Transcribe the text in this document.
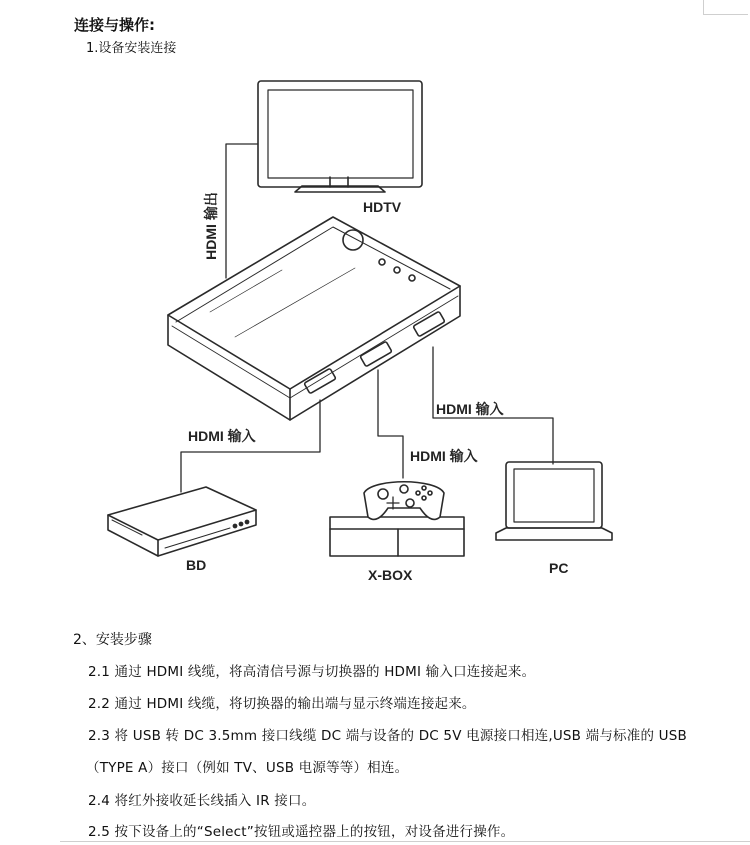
连接与操作:
1.设备安装连接
HDMI 输出	HDTV
HDMI 输入
HDMI 输入
HDMI 输入
BD
X-BOX	PC
2、安装步骤
2.1 通过 HDMI 线缆，将高清信号源与切换器的 HDMI 输入口连接起来。
2.2 通过 HDMI 线缆，将切换器的输出端与显示终端连接起来。
2.3 将 USB 转 DC 3.5mm 接口线缆 DC 端与设备的 DC 5V 电源接口相连,USB 端与标准的 USB
（TYPE A）接口（例如 TV、USB 电源等等）相连。
2.4 将红外接收延长线插入 IR 接口。
2.5 按下设备上的“Select”按钮或遥控器上的按钮，对设备进行操作。
